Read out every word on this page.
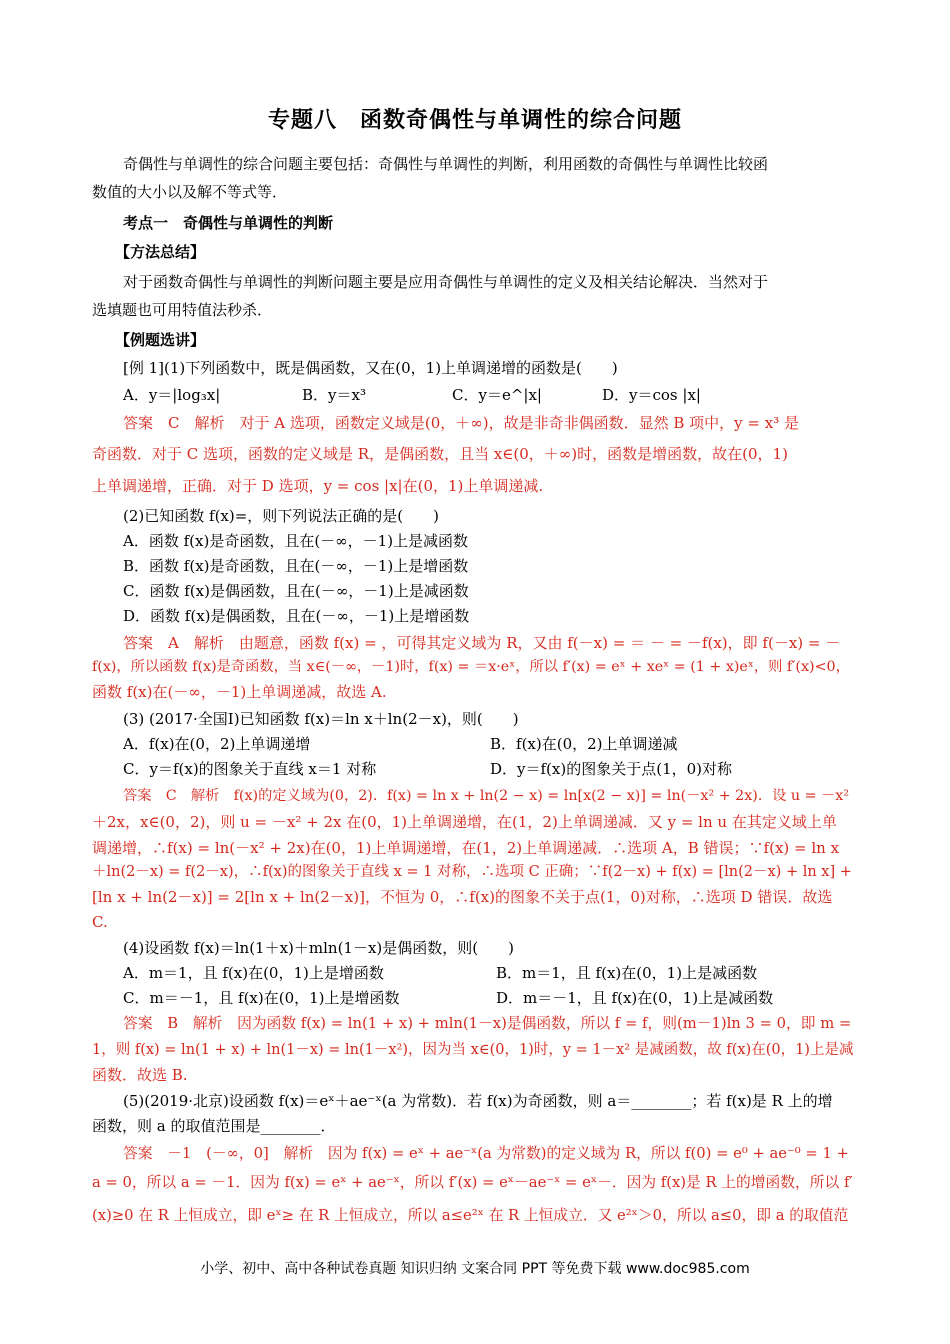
专题八　函数奇偶性与单调性的综合问题
奇偶性与单调性的综合问题主要包括：奇偶性与单调性的判断，利用函数的奇偶性与单调性比较函
数值的大小以及解不等式等．
考点一　奇偶性与单调性的判断
【方法总结】
对于函数奇偶性与单调性的判断问题主要是应用奇偶性与单调性的定义及相关结论解决．当然对于
选填题也可用特值法秒杀．
【例题选讲】
[例 1](1)下列函数中，既是偶函数，又在(0，1)上单调递增的函数是(　　)
A．y＝|log₃x|	B．y＝x³	C．y＝e^|x|	D．y＝cos |x|
答案　C　解析　对于 A 选项，函数定义域是(0，＋∞)，故是非奇非偶函数．显然 B 项中，y = x³ 是
奇函数．对于 C 选项，函数的定义域是 R，是偶函数，且当 x∈(0，＋∞)时，函数是增函数，故在(0，1)
上单调递增，正确．对于 D 选项，y = cos |x|在(0，1)上单调递减.
(2)已知函数 f(x)=，则下列说法正确的是(　　)
A．函数 f(x)是奇函数，且在(－∞，－1)上是减函数
B．函数 f(x)是奇函数，且在(－∞，－1)上是增函数
C．函数 f(x)是偶函数，且在(－∞，－1)上是减函数
D．函数 f(x)是偶函数，且在(－∞，－1)上是增函数
答案　A　解析　由题意，函数 f(x) = ，可得其定义域为 R，又由 f(－x) = ＝ － = －f(x)，即 f(－x) = －
f(x)，所以函数 f(x)是奇函数，当 x∈(－∞，－1)时，f(x) = ＝x·eˣ，所以 f′(x) = eˣ + xeˣ = (1 + x)eˣ，则 f′(x)<0，
函数 f(x)在(－∞，－1)上单调递减，故选 A.
(3) (2017·全国Ⅰ)已知函数 f(x)＝ln x＋ln(2－x)，则(　　)
A．f(x)在(0，2)上单调递增	B．f(x)在(0，2)上单调递减
C．y＝f(x)的图象关于直线 x＝1 对称	D．y＝f(x)的图象关于点(1，0)对称
答案　C　解析　f(x)的定义域为(0，2)．f(x) = ln x + ln(2 − x) = ln[x(2 − x)] = ln(－x² + 2x)．设 u = －x²
＋2x，x∈(0，2)，则 u = －x² + 2x 在(0，1)上单调递增，在(1，2)上单调递减．又 y = ln u 在其定义域上单
调递增，∴f(x) = ln(－x² + 2x)在(0，1)上单调递增，在(1，2)上单调递减．∴选项 A，B 错误；∵f(x) = ln x
＋ln(2－x) = f(2－x)，∴f(x)的图象关于直线 x = 1 对称，∴选项 C 正确；∵f(2－x) + f(x) = [ln(2－x) + ln x] +
[ln x + ln(2－x)] = 2[ln x + ln(2－x)]，不恒为 0，∴f(x)的图象不关于点(1，0)对称，∴选项 D 错误．故选
C.
(4)设函数 f(x)＝ln(1＋x)＋mln(1－x)是偶函数，则(　　)
A．m＝1，且 f(x)在(0，1)上是增函数	B．m＝1，且 f(x)在(0，1)上是减函数
C．m＝－1，且 f(x)在(0，1)上是增函数	D．m＝－1，且 f(x)在(0，1)上是减函数
答案　B　解析　因为函数 f(x) = ln(1 + x) + mln(1－x)是偶函数，所以 f = f，则(m－1)ln 3 = 0，即 m =
1，则 f(x) = ln(1 + x) + ln(1－x) = ln(1－x²)，因为当 x∈(0，1)时，y = 1－x² 是减函数，故 f(x)在(0，1)上是减
函数．故选 B.
(5)(2019·北京)设函数 f(x)＝eˣ＋ae⁻ˣ(a 为常数)．若 f(x)为奇函数，则 a＝________；若 f(x)是 R 上的增
函数，则 a 的取值范围是________．
答案　－1　(－∞，0]　解析　因为 f(x) = eˣ + ae⁻ˣ(a 为常数)的定义域为 R，所以 f(0) = e⁰ + ae⁻⁰ = 1 +
a = 0，所以 a = －1．因为 f(x) = eˣ + ae⁻ˣ，所以 f′(x) = eˣ－ae⁻ˣ = eˣ－．因为 f(x)是 R 上的增函数，所以 f′
(x)≥0 在 R 上恒成立，即 eˣ≥ 在 R 上恒成立，所以 a≤e²ˣ 在 R 上恒成立．又 e²ˣ＞0，所以 a≤0，即 a 的取值范
小学、初中、高中各种试卷真题 知识归纳 文案合同 PPT 等免费下载 www.doc985.com
